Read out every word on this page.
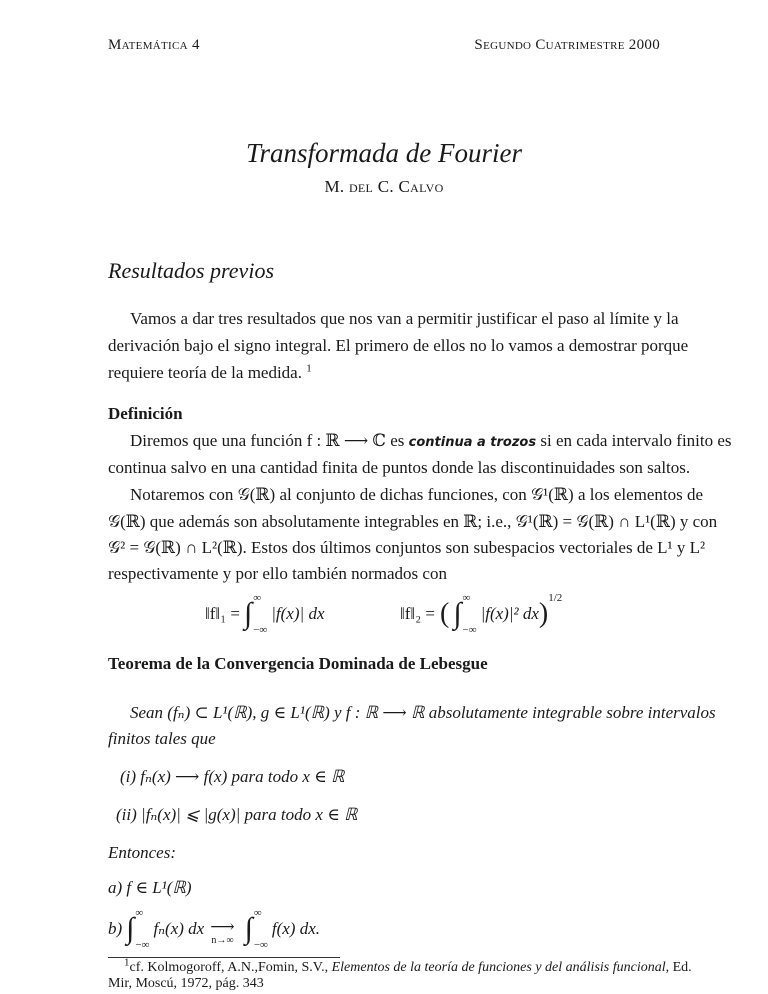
Matemática 4	Segundo Cuatrimestre 2000
Transformada de Fourier
M. del C. Calvo
Resultados previos
Vamos a dar tres resultados que nos van a permitir justificar el paso al límite y la
derivación bajo el signo integral. El primero de ellos no lo vamos a demostrar porque
requiere teoría de la medida. $^1$
Definición
Diremos que una función f : ℝ ⟶ ℂ es continua a trozos si en cada intervalo finito es
continua salvo en una cantidad finita de puntos donde las discontinuidades son saltos.
Notaremos con 𝒢(ℝ) al conjunto de dichas funciones, con 𝒢¹(ℝ) a los elementos de
𝒢(ℝ) que además son absolutamente integrables en ℝ; i.e., 𝒢¹(ℝ) = 𝒢(ℝ) ∩ L¹(ℝ) y con
𝒢² = 𝒢(ℝ) ∩ L²(ℝ). Estos dos últimos conjuntos son subespacios vectoriales de L¹ y L²
respectivamente y por ello también normados con
‖f‖₁ = ∫ ∞
−∞
|f(x)| dx	‖f‖₂ = ( ∫ ∞
−∞
|f(x)|² dx ) 1/2
Teorema de la Convergencia Dominada de Lebesgue
Sean (fₙ) ⊂ L¹(ℝ), g ∈ L¹(ℝ) y f : ℝ ⟶ ℝ absolutamente integrable sobre intervalos
finitos tales que
(i) fₙ(x) ⟶ f(x) para todo x ∈ ℝ
(ii) |fₙ(x)| ⩽ |g(x)| para todo x ∈ ℝ
Entonces:
a) f ∈ L¹(ℝ)
b) ∫ ∞
−∞
fₙ(x) dx ⟶
n→∞ ∫ ∞
−∞
f(x) dx.
$^1$cf. Kolmogoroff, A.N.,Fomin, S.V., Elementos de la teoría de funciones y del análisis funcional, Ed.
Mir, Moscú, 1972, pág. 343
